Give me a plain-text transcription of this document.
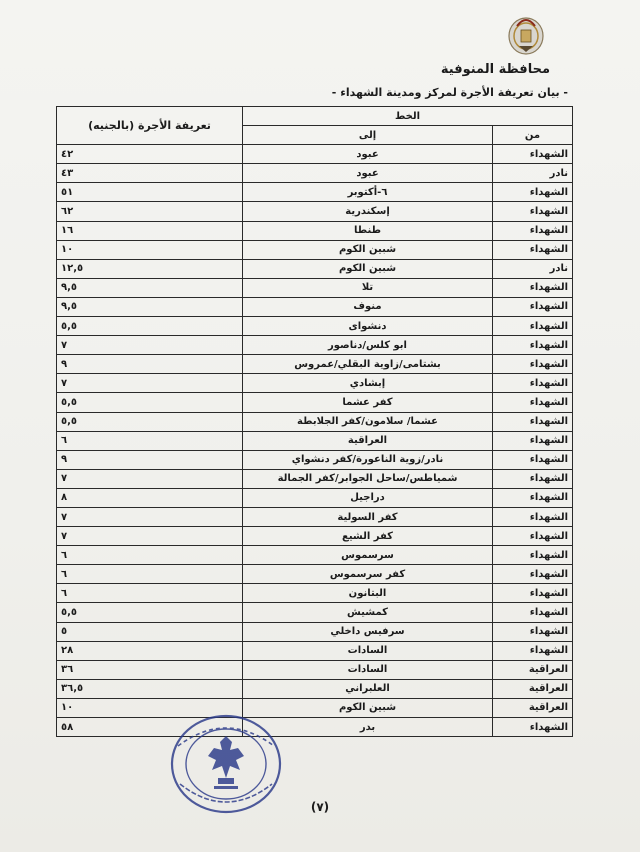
محافظة المنوفية
- بيان تعريفة الأجرة لمركز ومدينة الشهداء -
الخط		تعريفة الأجرة (بالجنيه)
من	إلى	
الشهداء	عبود	٤٢
نادر	عبود	٤٣
الشهداء	٦-أكتوبر	٥١
الشهداء	إسكندرية	٦٢
الشهداء	طنطا	١٦
الشهداء	شبين الكوم	١٠
نادر	شبين الكوم	١٢,٥
الشهداء	تلا	٩,٥
الشهداء	منوف	٩,٥
الشهداء	دنشواى	٥,٥
الشهداء	ابو كلس/دناصور	٧
الشهداء	بشتامى/زاوية البقلي/عمروس	٩
الشهداء	إبشادي	٧
الشهداء	كفر عشما	٥,٥
الشهداء	عشما/ سلامون/كفر الجلابطة	٥,٥
الشهداء	العراقية	٦
الشهداء	نادر/زوية الناعورة/كفر دنشواي	٩
الشهداء	شمياطس/ساحل الجوابر/كفر الجمالة	٧
الشهداء	دراجيل	٨
الشهداء	كفر السولية	٧
الشهداء	كفر الشيع	٧
الشهداء	سرسموس	٦
الشهداء	كفر سرسموس	٦
الشهداء	البتانون	٦
الشهداء	كمشيش	٥,٥
الشهداء	سرفيس داخلي	٥
الشهداء	السادات	٢٨
العراقية	السادات	٣٦
العراقية	العلبراني	٣٦,٥
العراقية	شبين الكوم	١٠
الشهداء	بدر	٥٨
(٧)
